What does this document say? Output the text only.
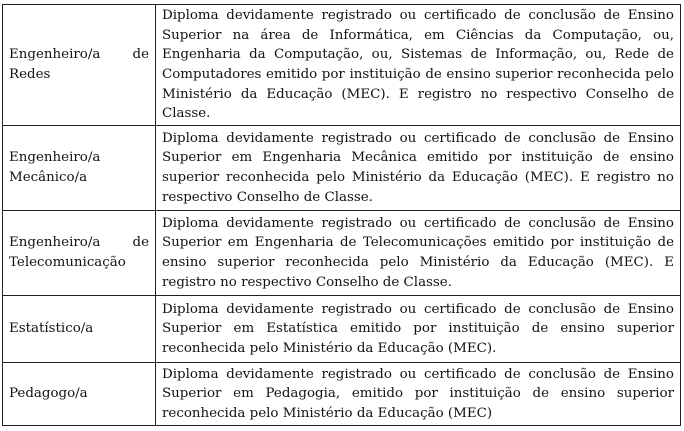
Engenheiro/a de Redes	Diploma devidamente registrado ou certificado de conclusão de Ensino Superior na área de Informática, em Ciências da Computação, ou, Engenharia da Computação, ou, Sistemas de Informação, ou, Rede de Computadores emitido por instituição de ensino superior reconhecida pelo Ministério da Educação (MEC). E registro no respectivo Conselho de Classe.
Engenheiro/a Mecânico/a	Diploma devidamente registrado ou certificado de conclusão de Ensino Superior em Engenharia Mecânica emitido por instituição de ensino superior reconhecida pelo Ministério da Educação (MEC). E registro no respectivo Conselho de Classe.
Engenheiro/a de Telecomunicação	Diploma devidamente registrado ou certificado de conclusão de Ensino Superior em Engenharia de Telecomunicações emitido por instituição de ensino superior reconhecida pelo Ministério da Educação (MEC). E registro no respectivo Conselho de Classe.
Estatístico/a	Diploma devidamente registrado ou certificado de conclusão de Ensino Superior em Estatística emitido por instituição de ensino superior reconhecida pelo Ministério da Educação (MEC).
Pedagogo/a	Diploma devidamente registrado ou certificado de conclusão de Ensino Superior em Pedagogia, emitido por instituição de ensino superior reconhecida pelo Ministério da Educação (MEC)
